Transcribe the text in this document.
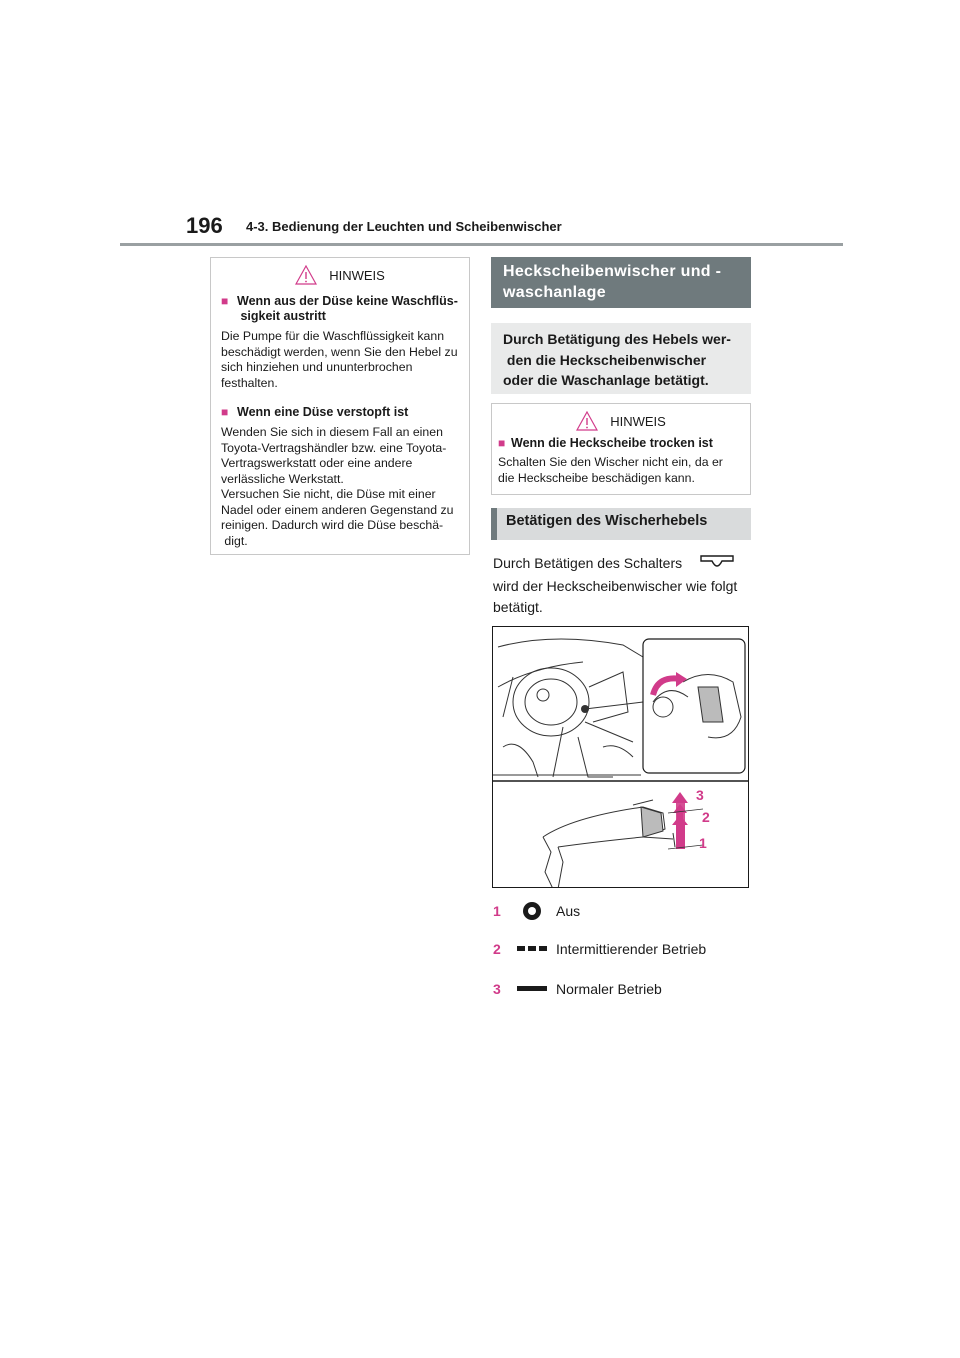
196 4-3. Bedienung der Leuchten und Scheibenwischer
HINWEIS
■ Wenn aus der Düse keine Waschflüs- sigkeit austritt

Die Pumpe für die Waschflüssigkeit kann beschädigt werden, wenn Sie den Hebel zu sich hinziehen und ununterbrochen festhalten.

■ Wenn eine Düse verstopft ist

Wenden Sie sich in diesem Fall an einen Toyota-Vertragshändler bzw. eine Toyota-Vertragswerkstatt oder eine andere verlässliche Werkstatt.

Versuchen Sie nicht, die Düse mit einer Nadel oder einem anderen Gegenstand zu reinigen. Dadurch wird die Düse beschä- digt.

Heckscheibenwischer und -waschanlage
Durch Betätigung des Hebels wer- den die Heckscheibenwischer oder die Waschanlage betätigt.
HINWEIS
■ Wenn die Heckscheibe trocken ist

Schalten Sie den Wischer nicht ein, da er die Heckscheibe beschädigen kann.

Betätigen des Wischerhebels
Durch Betätigen des Schalters
wird der Heckscheibenwischer wie folgt betätigt.
3
2
1
1	Aus
2	Intermittierender Betrieb
3	Normaler Betrieb
